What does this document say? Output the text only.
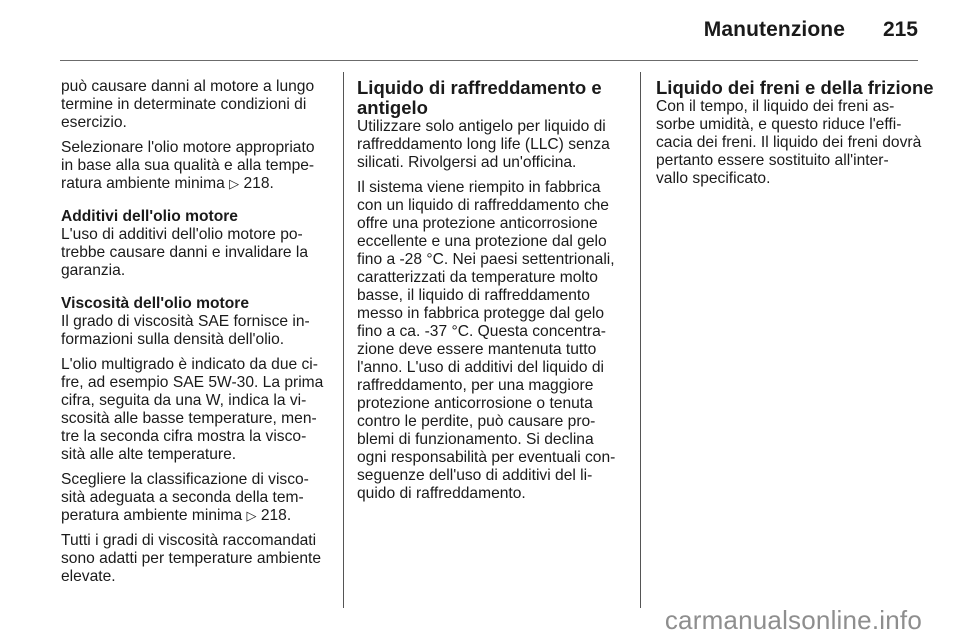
Manutenzione 215
può causare danni al motore a lungo
termine in determinate condizioni di
esercizio.
Selezionare l'olio motore appropriato
in base alla sua qualità e alla tempe-
ratura ambiente minima ▷ 218.
Additivi dell'olio motore
L'uso di additivi dell'olio motore po-
trebbe causare danni e invalidare la
garanzia.
Viscosità dell'olio motore
Il grado di viscosità SAE fornisce in-
formazioni sulla densità dell'olio.
L'olio multigrado è indicato da due ci-
fre, ad esempio SAE 5W-30. La prima
cifra, seguita da una W, indica la vi-
scosità alle basse temperature, men-
tre la seconda cifra mostra la visco-
sità alle alte temperature.
Scegliere la classificazione di visco-
sità adeguata a seconda della tem-
peratura ambiente minima ▷ 218.
Tutti i gradi di viscosità raccomandati
sono adatti per temperature ambiente
elevate.
Liquido di raffreddamento e
antigelo
Utilizzare solo antigelo per liquido di
raffreddamento long life (LLC) senza
silicati. Rivolgersi ad un'officina.
Il sistema viene riempito in fabbrica
con un liquido di raffreddamento che
offre una protezione anticorrosione
eccellente e una protezione dal gelo
fino a -28 °C. Nei paesi settentrionali,
caratterizzati da temperature molto
basse, il liquido di raffreddamento
messo in fabbrica protegge dal gelo
fino a ca. -37 °C. Questa concentra-
zione deve essere mantenuta tutto
l'anno. L'uso di additivi del liquido di
raffreddamento, per una maggiore
protezione anticorrosione o tenuta
contro le perdite, può causare pro-
blemi di funzionamento. Si declina
ogni responsabilità per eventuali con-
seguenze dell'uso di additivi del li-
quido di raffreddamento.
Liquido dei freni e della frizione
Con il tempo, il liquido dei freni as-
sorbe umidità, e questo riduce l'effi-
cacia dei freni. Il liquido dei freni dovrà
pertanto essere sostituito all'inter-
vallo specificato.
carmanualsonline.info
